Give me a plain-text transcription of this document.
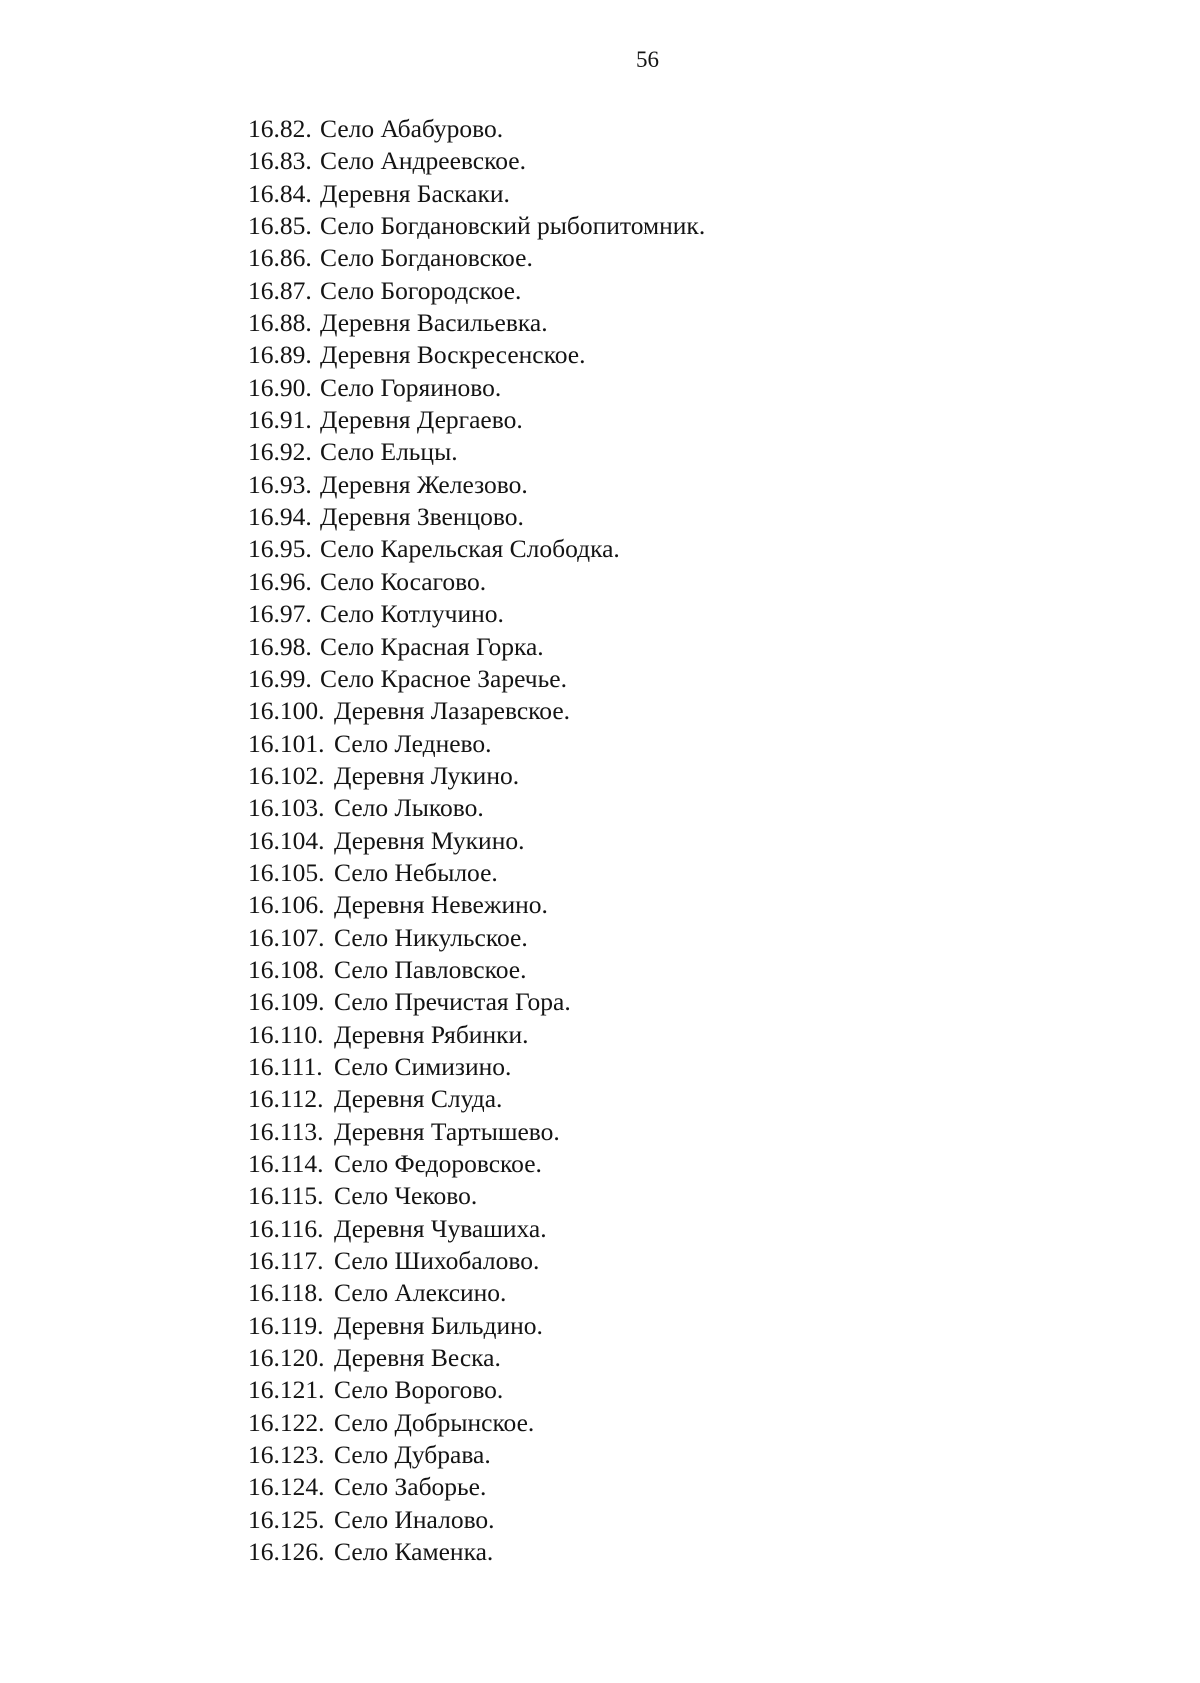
56
16.82. Село Абабурово.
16.83. Село Андреевское.
16.84. Деревня Баскаки.
16.85. Село Богдановский рыбопитомник.
16.86. Село Богдановское.
16.87. Село Богородское.
16.88. Деревня Васильевка.
16.89. Деревня Воскресенское.
16.90. Село Горяиново.
16.91. Деревня Дергаево.
16.92. Село Ельцы.
16.93. Деревня Железово.
16.94. Деревня Звенцово.
16.95. Село Карельская Слободка.
16.96. Село Косагово.
16.97. Село Котлучино.
16.98. Село Красная Горка.
16.99. Село Красное Заречье.
16.100. Деревня Лазаревское.
16.101. Село Леднево.
16.102. Деревня Лукино.
16.103. Село Лыково.
16.104. Деревня Мукино.
16.105. Село Небылое.
16.106. Деревня Невежино.
16.107. Село Никульское.
16.108. Село Павловское.
16.109. Село Пречистая Гора.
16.110. Деревня Рябинки.
16.111. Село Симизино.
16.112. Деревня Слуда.
16.113. Деревня Тартышево.
16.114. Село Федоровское.
16.115. Село Чеково.
16.116. Деревня Чувашиха.
16.117. Село Шихобалово.
16.118. Село Алексино.
16.119. Деревня Бильдино.
16.120. Деревня Веска.
16.121. Село Ворогово.
16.122. Село Добрынское.
16.123. Село Дубрава.
16.124. Село Заборье.
16.125. Село Иналово.
16.126. Село Каменка.
